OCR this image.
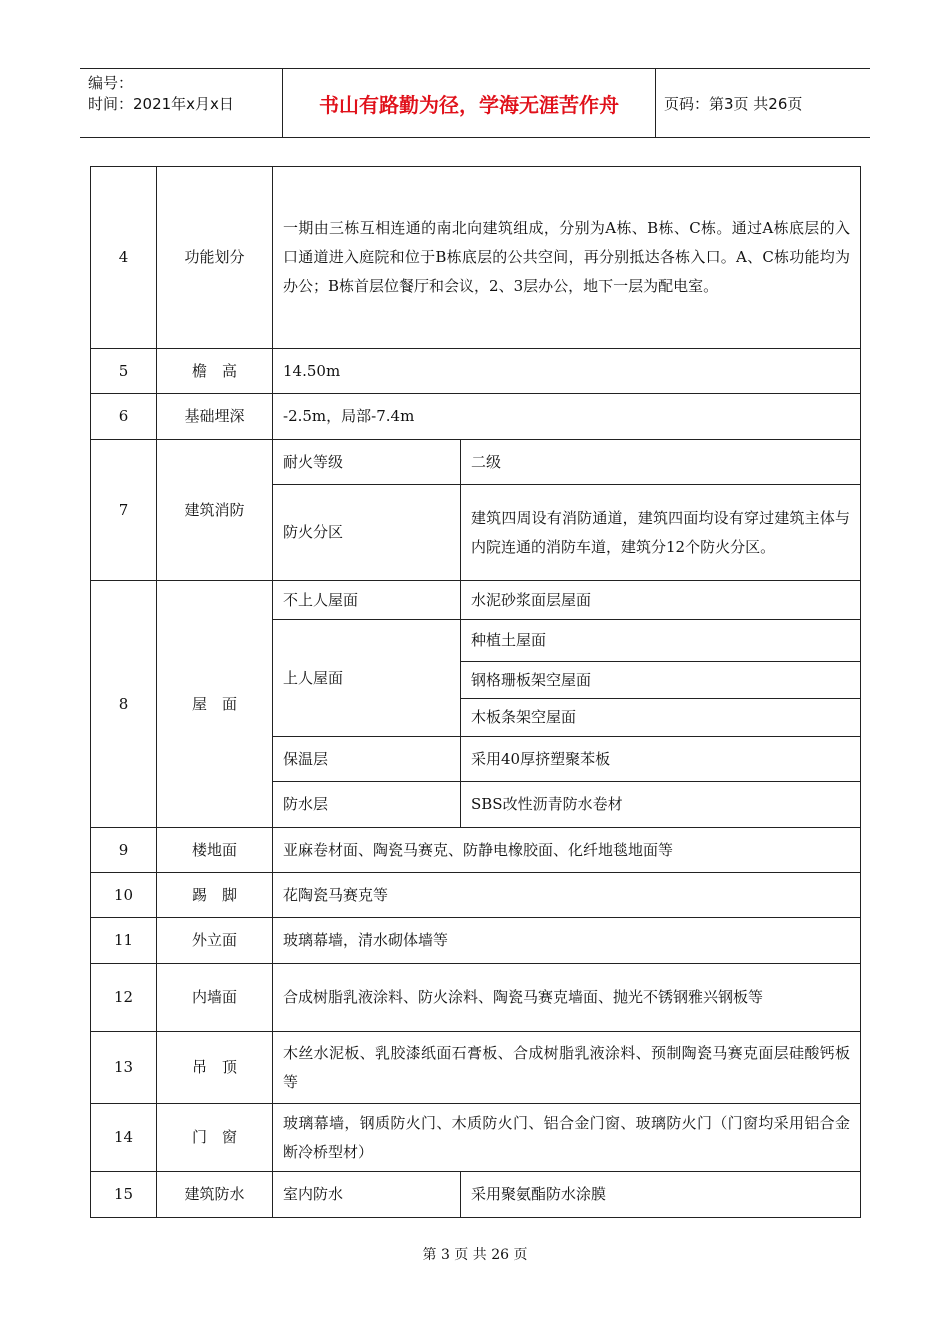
编号：
时间：2021年x月x日	书山有路勤为径，学海无涯苦作舟	页码：第3页 共26页
4	功能划分	一期由三栋互相连通的南北向建筑组成，分别为A栋、B栋、C栋。通过A栋底层的入口通道进入庭院和位于B栋底层的公共空间，再分别抵达各栋入口。A、C栋功能均为办公；B栋首层位餐厅和会议，2、3层办公，地下一层为配电室。	

5	檐　高	14.50m	
6	基础埋深	-2.5m，局部-7.4m	
7	建筑消防	耐火等级	二级
		防火分区	建筑四周设有消防通道，建筑四面均设有穿过建筑主体与内院连通的消防车道，建筑分12个防火分区。

8	屋　面	不上人屋面	水泥砂浆面层屋面
		上人屋面	种植土屋面
			钢格珊板架空屋面
			木板条架空屋面
		保温层	采用40厚挤塑聚苯板
		防水层	SBS改性沥青防水卷材
9	楼地面	亚麻卷材面、陶瓷马赛克、防静电橡胶面、化纤地毯地面等	
10	踢　脚	花陶瓷马赛克等	
11	外立面	玻璃幕墙，清水砌体墙等	
12	内墙面	合成树脂乳液涂料、防火涂料、陶瓷马赛克墙面、抛光不锈钢雅兴钢板等	
13	吊　顶	木丝水泥板、乳胶漆纸面石膏板、合成树脂乳液涂料、预制陶瓷马赛克面层硅酸钙板等	

14	门　窗	玻璃幕墙，钢质防火门、木质防火门、铝合金门窗、玻璃防火门（门窗均采用铝合金断冷桥型材）	

15	建筑防水	室内防水	采用聚氨酯防水涂膜
第 3 页 共 26 页
